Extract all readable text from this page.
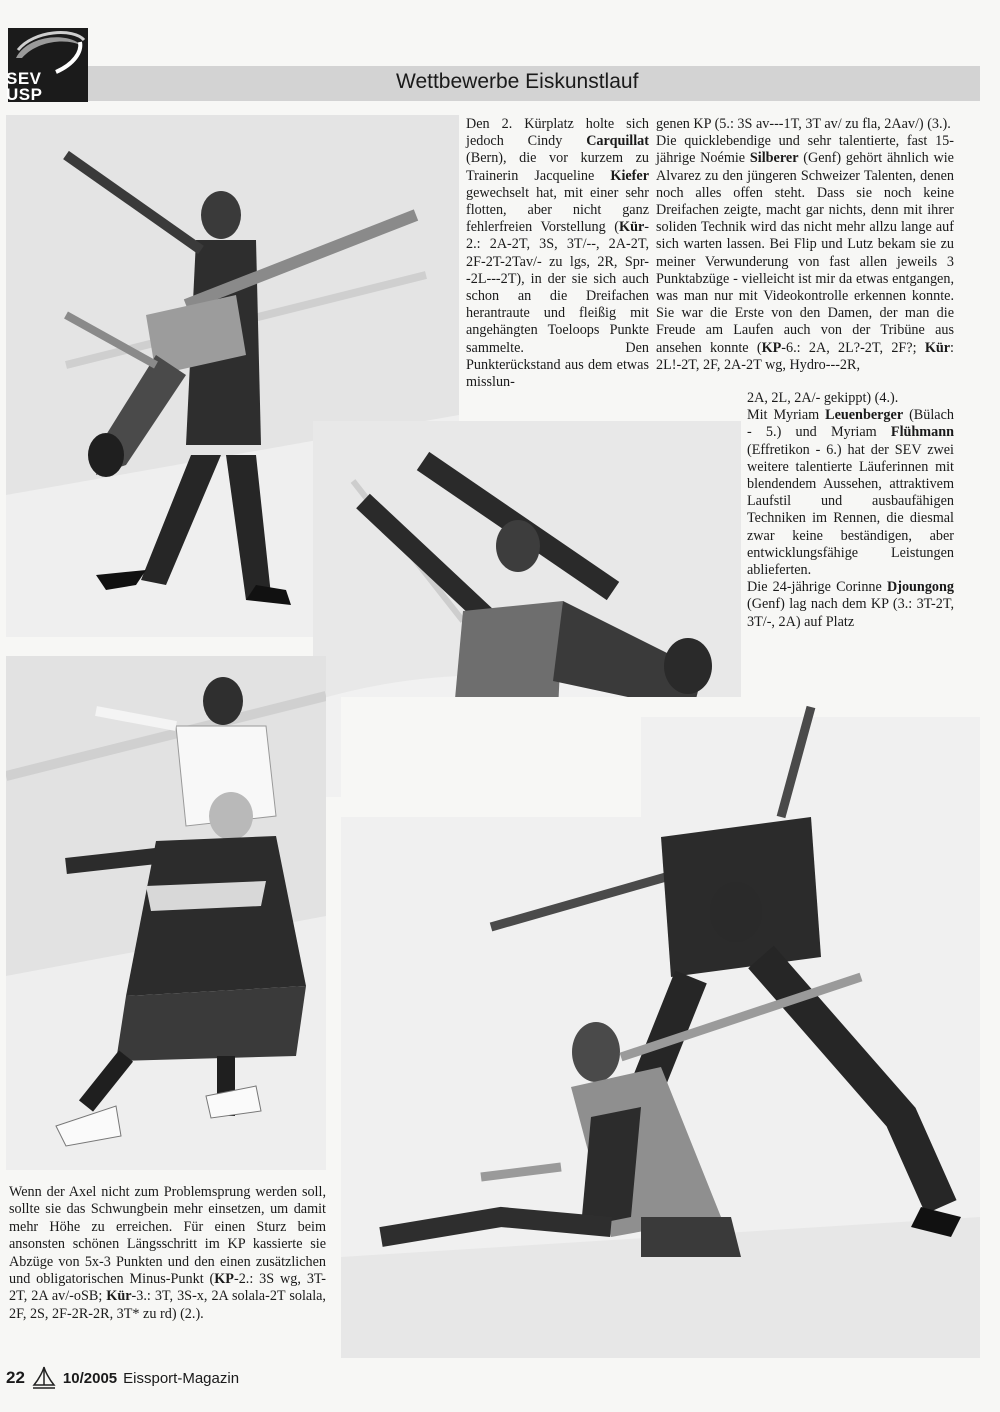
SEV
USP
Wettbewerbe Eiskunstlauf

Den 2. Kürplatz holte sich jedoch Cindy Carquillat (Bern), die vor kurzem zu Trainerin Jacqueline Kiefer gewechselt hat, mit einer sehr flotten, aber nicht ganz fehlerfreien Vorstellung (Kür-2.: 2A-2T, 3S, 3T/--, 2A-2T, 2F-2T-2Tav/- zu lgs, 2R, Spr--2L---2T), in der sie sich auch schon an die Dreifachen herantraute und fleißig mit angehängten Toeloops Punkte sammelte. Den Punkterückstand aus dem etwas misslun-

genen KP (5.: 3S av---1T, 3T av/ zu fla, 2Aav/) (3.).

Die quicklebendige und sehr talentierte, fast 15-jährige Noémie Silberer (Genf) gehört ähnlich wie Alvarez zu den jüngeren Schweizer Talenten, denen noch alles offen steht. Dass sie noch keine Dreifachen zeigte, macht gar nichts, denn mit ihrer soliden Technik wird das nicht mehr allzu lange auf sich warten lassen. Bei Flip und Lutz bekam sie zu meiner Verwunderung von fast allen jeweils 3 Punktabzüge - vielleicht ist mir da etwas entgangen, was man nur mit Videokontrolle erkennen konnte. Sie war die Erste von den Damen, der man die Freude am Laufen auch von der Tribüne aus ansehen konnte (KP-6.: 2A, 2L?-2T, 2F?; Kür: 2L!-2T, 2F, 2A-2T wg, Hydro---2R,

2A, 2L, 2A/- gekippt) (4.).

Mit Myriam Leuenberger (Bülach - 5.) und Myriam Flühmann (Effretikon - 6.) hat der SEV zwei weitere talentierte Läuferinnen mit blendendem Aussehen, attraktivem Laufstil und ausbaufähigen Techniken im Rennen, die diesmal zwar keine beständigen, aber entwicklungsfähige Leistungen ablieferten.

Die 24-jährige Corinne Djoungong (Genf) lag nach dem KP (3.: 3T-2T, 3T/-, 2A) auf Platz

Wenn der Axel nicht zum Problemsprung werden soll, sollte sie das Schwungbein mehr einsetzen, um damit mehr Höhe zu erreichen. Für einen Sturz beim ansonsten schönen Längsschritt im KP kassierte sie Abzüge von 5x-3 Punkten und den einen zusätzlichen und obligatorischen Minus-Punkt (KP-2.: 3S wg, 3T-2T, 2A av/-oSB; Kür-3.: 3T, 3S-x, 2A solala-2T solala, 2F, 2S, 2F-2R-2R, 3T* zu rd) (2.).

22	10/2005 Eissport-Magazin
